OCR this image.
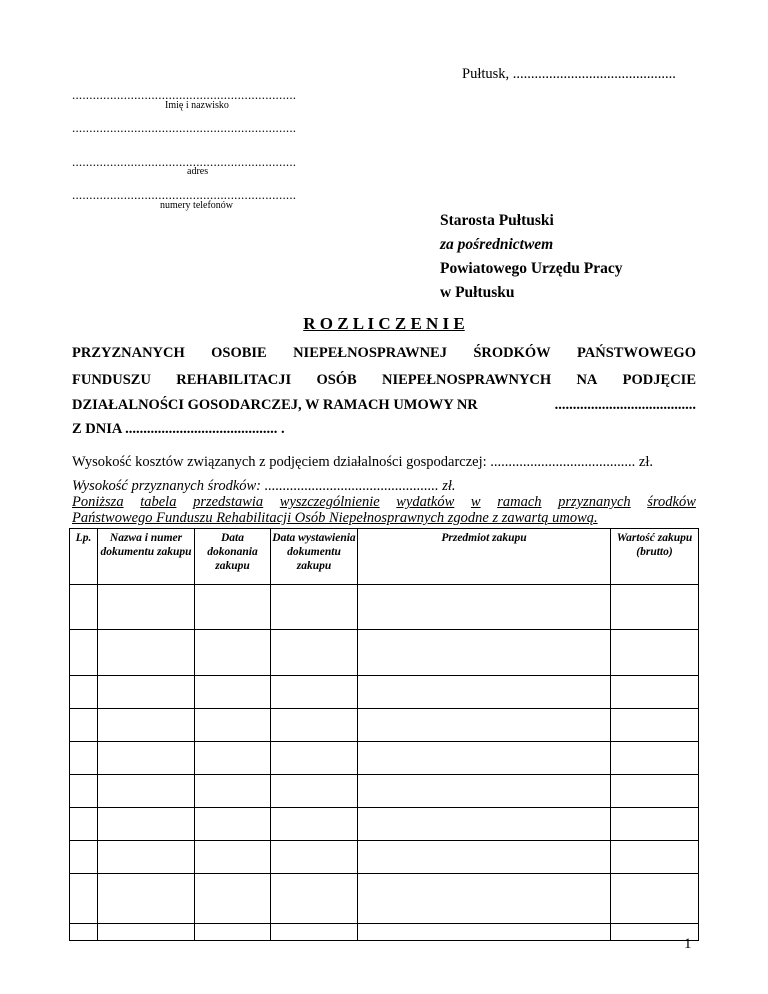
Pułtusk, .............................................
.................................................................
Imię i nazwisko
.................................................................
.................................................................
adres
.................................................................
numery telefonów
Starosta Pułtuski
za pośrednictwem
Powiatowego Urzędu Pracy
w Pułtusku
R O Z L I C Z E N I E
PRZYZNANYCH OSOBIE NIEPEŁNOSPRAWNEJ ŚRODKÓW PAŃSTWOWEGO
FUNDUSZU REHABILITACJI OSÓB NIEPEŁNOSPRAWNYCH NA PODJĘCIE
DZIAŁALNOŚCI GOSODARCZEJ, W RAMACH UMOWY NR	.......................................
Z DNIA .......................................... .
Wysokość kosztów związanych z podjęciem działalności gospodarczej: ........................................ zł.
Wysokość przyznanych środków: ................................................ zł.
Poniższa tabela przedstawia wyszczególnienie wydatków w ramach przyznanych środków
Państwowego Funduszu Rehabilitacji Osób Niepełnosprawnych zgodne z zawartą umową.
Lp.	Nazwa i numer dokumentu zakupu	Data dokonania zakupu	Data wystawienia dokumentu zakupu	Przedmiot zakupu	Wartość zakupu (brutto)

1
